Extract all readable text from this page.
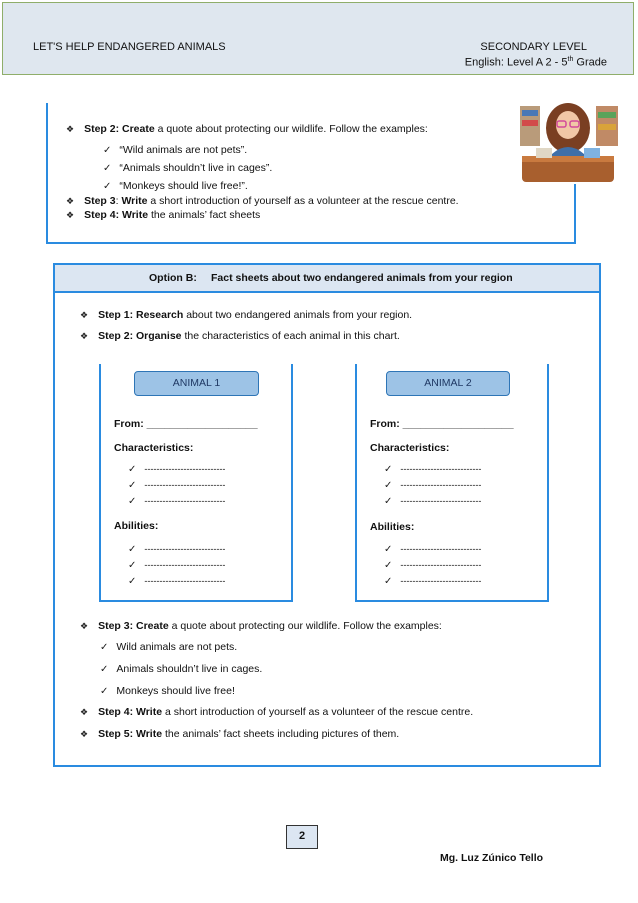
LET'S HELP ENDANGERED ANIMALS	SECONDARY LEVEL
English: Level A 2 - 5th Grade
❖ Step 2: Create a quote about protecting our wildlife. Follow the examples:
✓ “Wild animals are not pets”.
✓ “Animals shouldn’t live in cages”.
✓ “Monkeys should live free!”.
❖ Step 3: Write a short introduction of yourself as a volunteer at the rescue centre.
❖ Step 4: Write the animals’ fact sheets
Option B: Fact sheets about two endangered animals from your region
❖ Step 1: Research about two endangered animals from your region.
❖ Step 2: Organise the characteristics of each animal in this chart.
ANIMAL 1
From: ___________________
Characteristics:
✓ ---------------------------
✓ ---------------------------
✓ ---------------------------
Abilities:
✓ ---------------------------
✓ ---------------------------
✓ ---------------------------
ANIMAL 2
From: ___________________
Characteristics:
✓ ---------------------------
✓ ---------------------------
✓ ---------------------------
Abilities:
✓ ---------------------------
✓ ---------------------------
✓ ---------------------------
❖ Step 3: Create a quote about protecting our wildlife. Follow the examples:
✓ Wild animals are not pets.
✓ Animals shouldn’t live in cages.
✓ Monkeys should live free!
❖ Step 4: Write a short introduction of yourself as a volunteer of the rescue centre.
❖ Step 5: Write the animals’ fact sheets including pictures of them.
2
Mg. Luz Zúnico Tello
